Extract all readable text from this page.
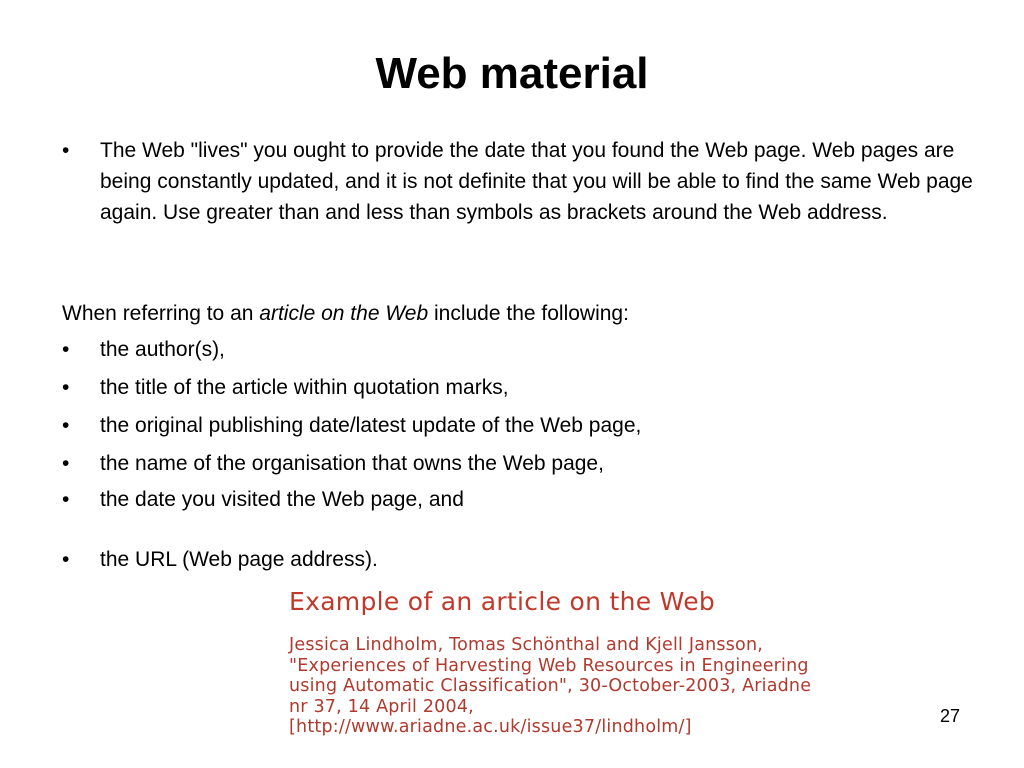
Web material
• The Web "lives" you ought to provide the date that you found the Web page. Web pages are being constantly updated, and it is not definite that you will be able to find the same Web page again. Use greater than and less than symbols as brackets around the Web address.
When referring to an article on the Web include the following:
• the author(s),
• the title of the article within quotation marks,
• the original publishing date/latest update of the Web page,
• the name of the organisation that owns the Web page,
• the date you visited the Web page, and
• the URL (Web page address).
Example of an article on the Web
Jessica Lindholm, Tomas Schönthal and Kjell Jansson,
"Experiences of Harvesting Web Resources in Engineering
using Automatic Classification", 30-October-2003, Ariadne
nr 37, 14 April 2004,
[http://www.ariadne.ac.uk/issue37/lindholm/]
27
